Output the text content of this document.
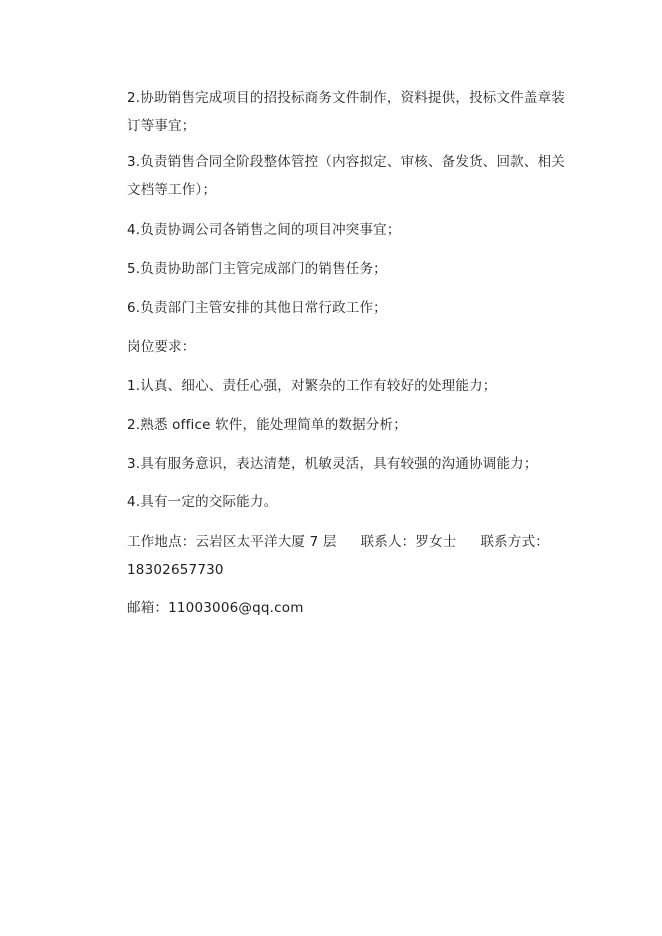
2.协助销售完成项目的招投标商务文件制作，资料提供，投标文件盖章装
订等事宜；
3.负责销售合同全阶段整体管控（内容拟定、审核、备发货、回款、相关
文档等工作）；
4.负责协调公司各销售之间的项目冲突事宜；
5.负责协助部门主管完成部门的销售任务；
6.负责部门主管安排的其他日常行政工作；
岗位要求：
1.认真、细心、责任心强，对繁杂的工作有较好的处理能力；
2.熟悉 office 软件，能处理简单的数据分析；
3.具有服务意识，表达清楚，机敏灵活，具有较强的沟通协调能力；
4.具有一定的交际能力。
工作地点：云岩区太平洋大厦 7 层 联系人：罗女士 联系方式：
18302657730
邮箱：11003006@qq.com
